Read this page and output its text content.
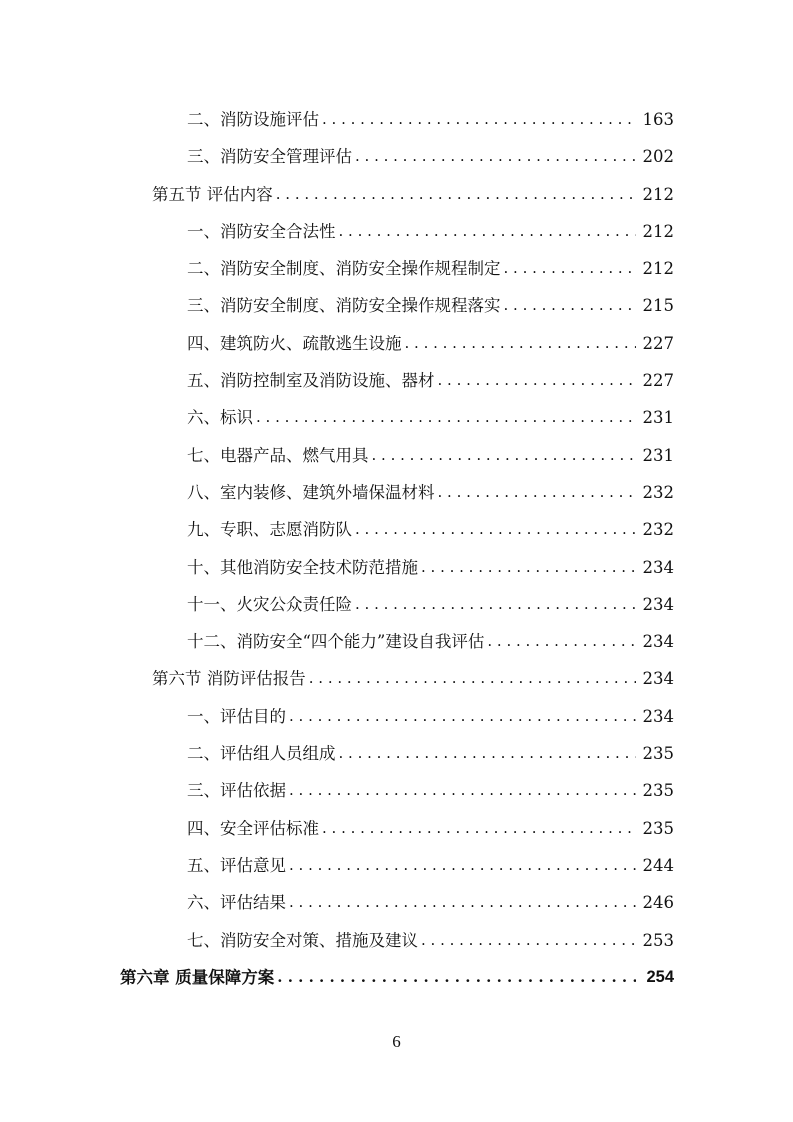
二、消防设施评估 . . .	163
三、消防安全管理评估 . . .	202
第五节 评估内容 . . .	212
一、消防安全合法性 . . .	212
二、消防安全制度、消防安全操作规程制定 . . .	212
三、消防安全制度、消防安全操作规程落实 . . .	215
四、建筑防火、疏散逃生设施 . . .	227
五、消防控制室及消防设施、器材 . . .	227
六、标识 . . .	231
七、电器产品、燃气用具 . . .	231
八、室内装修、建筑外墙保温材料 . . .	232
九、专职、志愿消防队 . . .	232
十、其他消防安全技术防范措施 . . .	234
十一、火灾公众责任险 . . .	234
十二、消防安全“四个能力”建设自我评估 . . .	234
第六节 消防评估报告 . . .	234
一、评估目的 . . .	234
二、评估组人员组成 . . .	235
三、评估依据 . . .	235
四、安全评估标准 . . .	235
五、评估意见 . . .	244
六、评估结果 . . .	246
七、消防安全对策、措施及建议 . . .	253
第六章 质量保障方案 . . .	254
6
